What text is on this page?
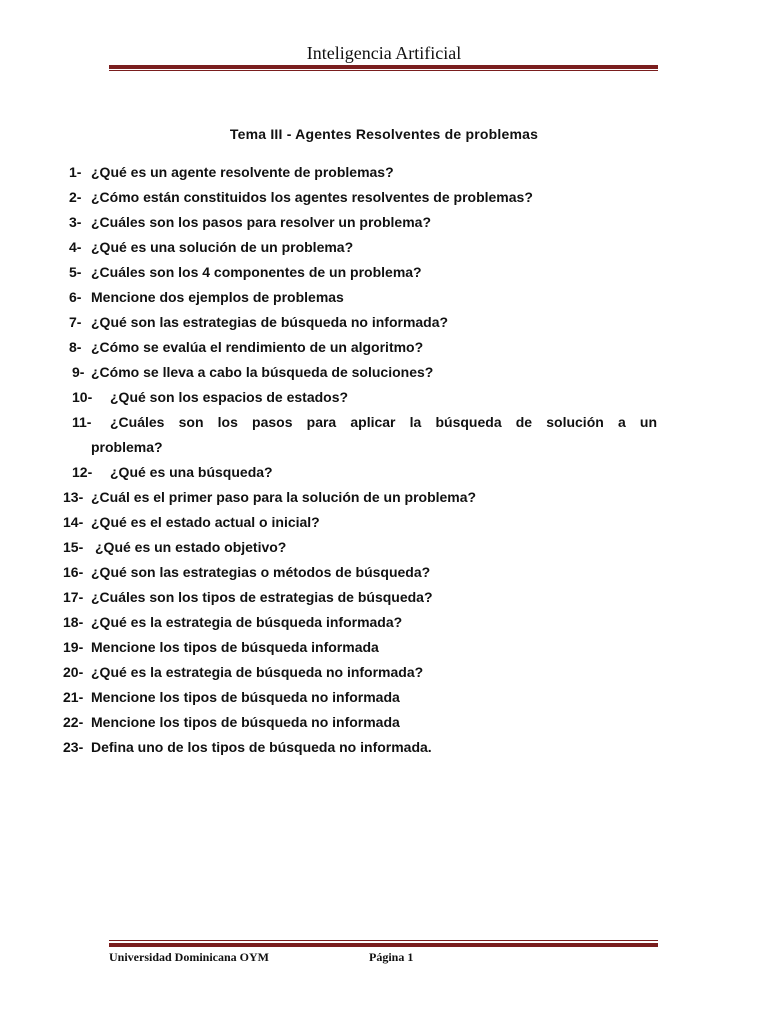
Inteligencia Artificial
Tema III - Agentes Resolventes de problemas
1- ¿Qué es un agente resolvente de problemas?
2- ¿Cómo están constituidos los agentes resolventes de problemas?
3- ¿Cuáles son los pasos para resolver un problema?
4- ¿Qué es una solución de un problema?
5- ¿Cuáles son los 4 componentes de un problema?
6- Mencione dos ejemplos de problemas
7- ¿Qué son las estrategias de búsqueda no informada?
8- ¿Cómo se evalúa el rendimiento de un algoritmo?
9- ¿Cómo se lleva a cabo la búsqueda de soluciones?
10- ¿Qué son los espacios de estados?
11- ¿Cuáles son los pasos para aplicar la búsqueda de solución a un
problema?
12- ¿Qué es una búsqueda?
13- ¿Cuál es el primer paso para la solución de un problema?
14- ¿Qué es el estado actual o inicial?
15- ¿Qué es un estado objetivo?
16- ¿Qué son las estrategias o métodos de búsqueda?
17- ¿Cuáles son los tipos de estrategias de búsqueda?
18- ¿Qué es la estrategia de búsqueda informada?
19- Mencione los tipos de búsqueda informada
20- ¿Qué es la estrategia de búsqueda no informada?
21- Mencione los tipos de búsqueda no informada
22- Mencione los tipos de búsqueda no informada
23- Defina uno de los tipos de búsqueda no informada.
Universidad Dominicana OYM	Página 1
